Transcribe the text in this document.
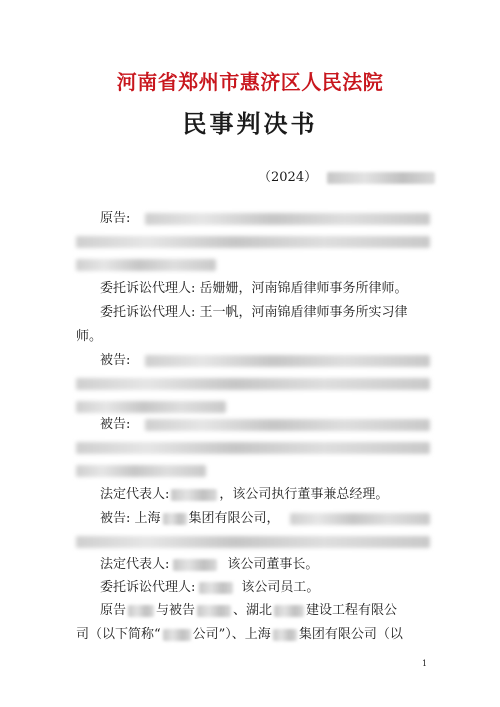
河南省郑州市惠济区人民法院
民事判决书
（2024）
原告:
委托诉讼代理人: 岳姗姗，河南锦盾律师事务所律师。
委托诉讼代理人: 王一帆，河南锦盾律师事务所实习律
师。
被告:
被告:
法定代表人:	，该公司执行董事兼总经理。
被告: 上海 集团有限公司，
法定代表人:	该公司董事长。
委托诉讼代理人:	该公司员工。
原告 与被告	、湖北	建设工程有限公
司（以下简称“ 公司”）、上海 集团有限公司（以
1
